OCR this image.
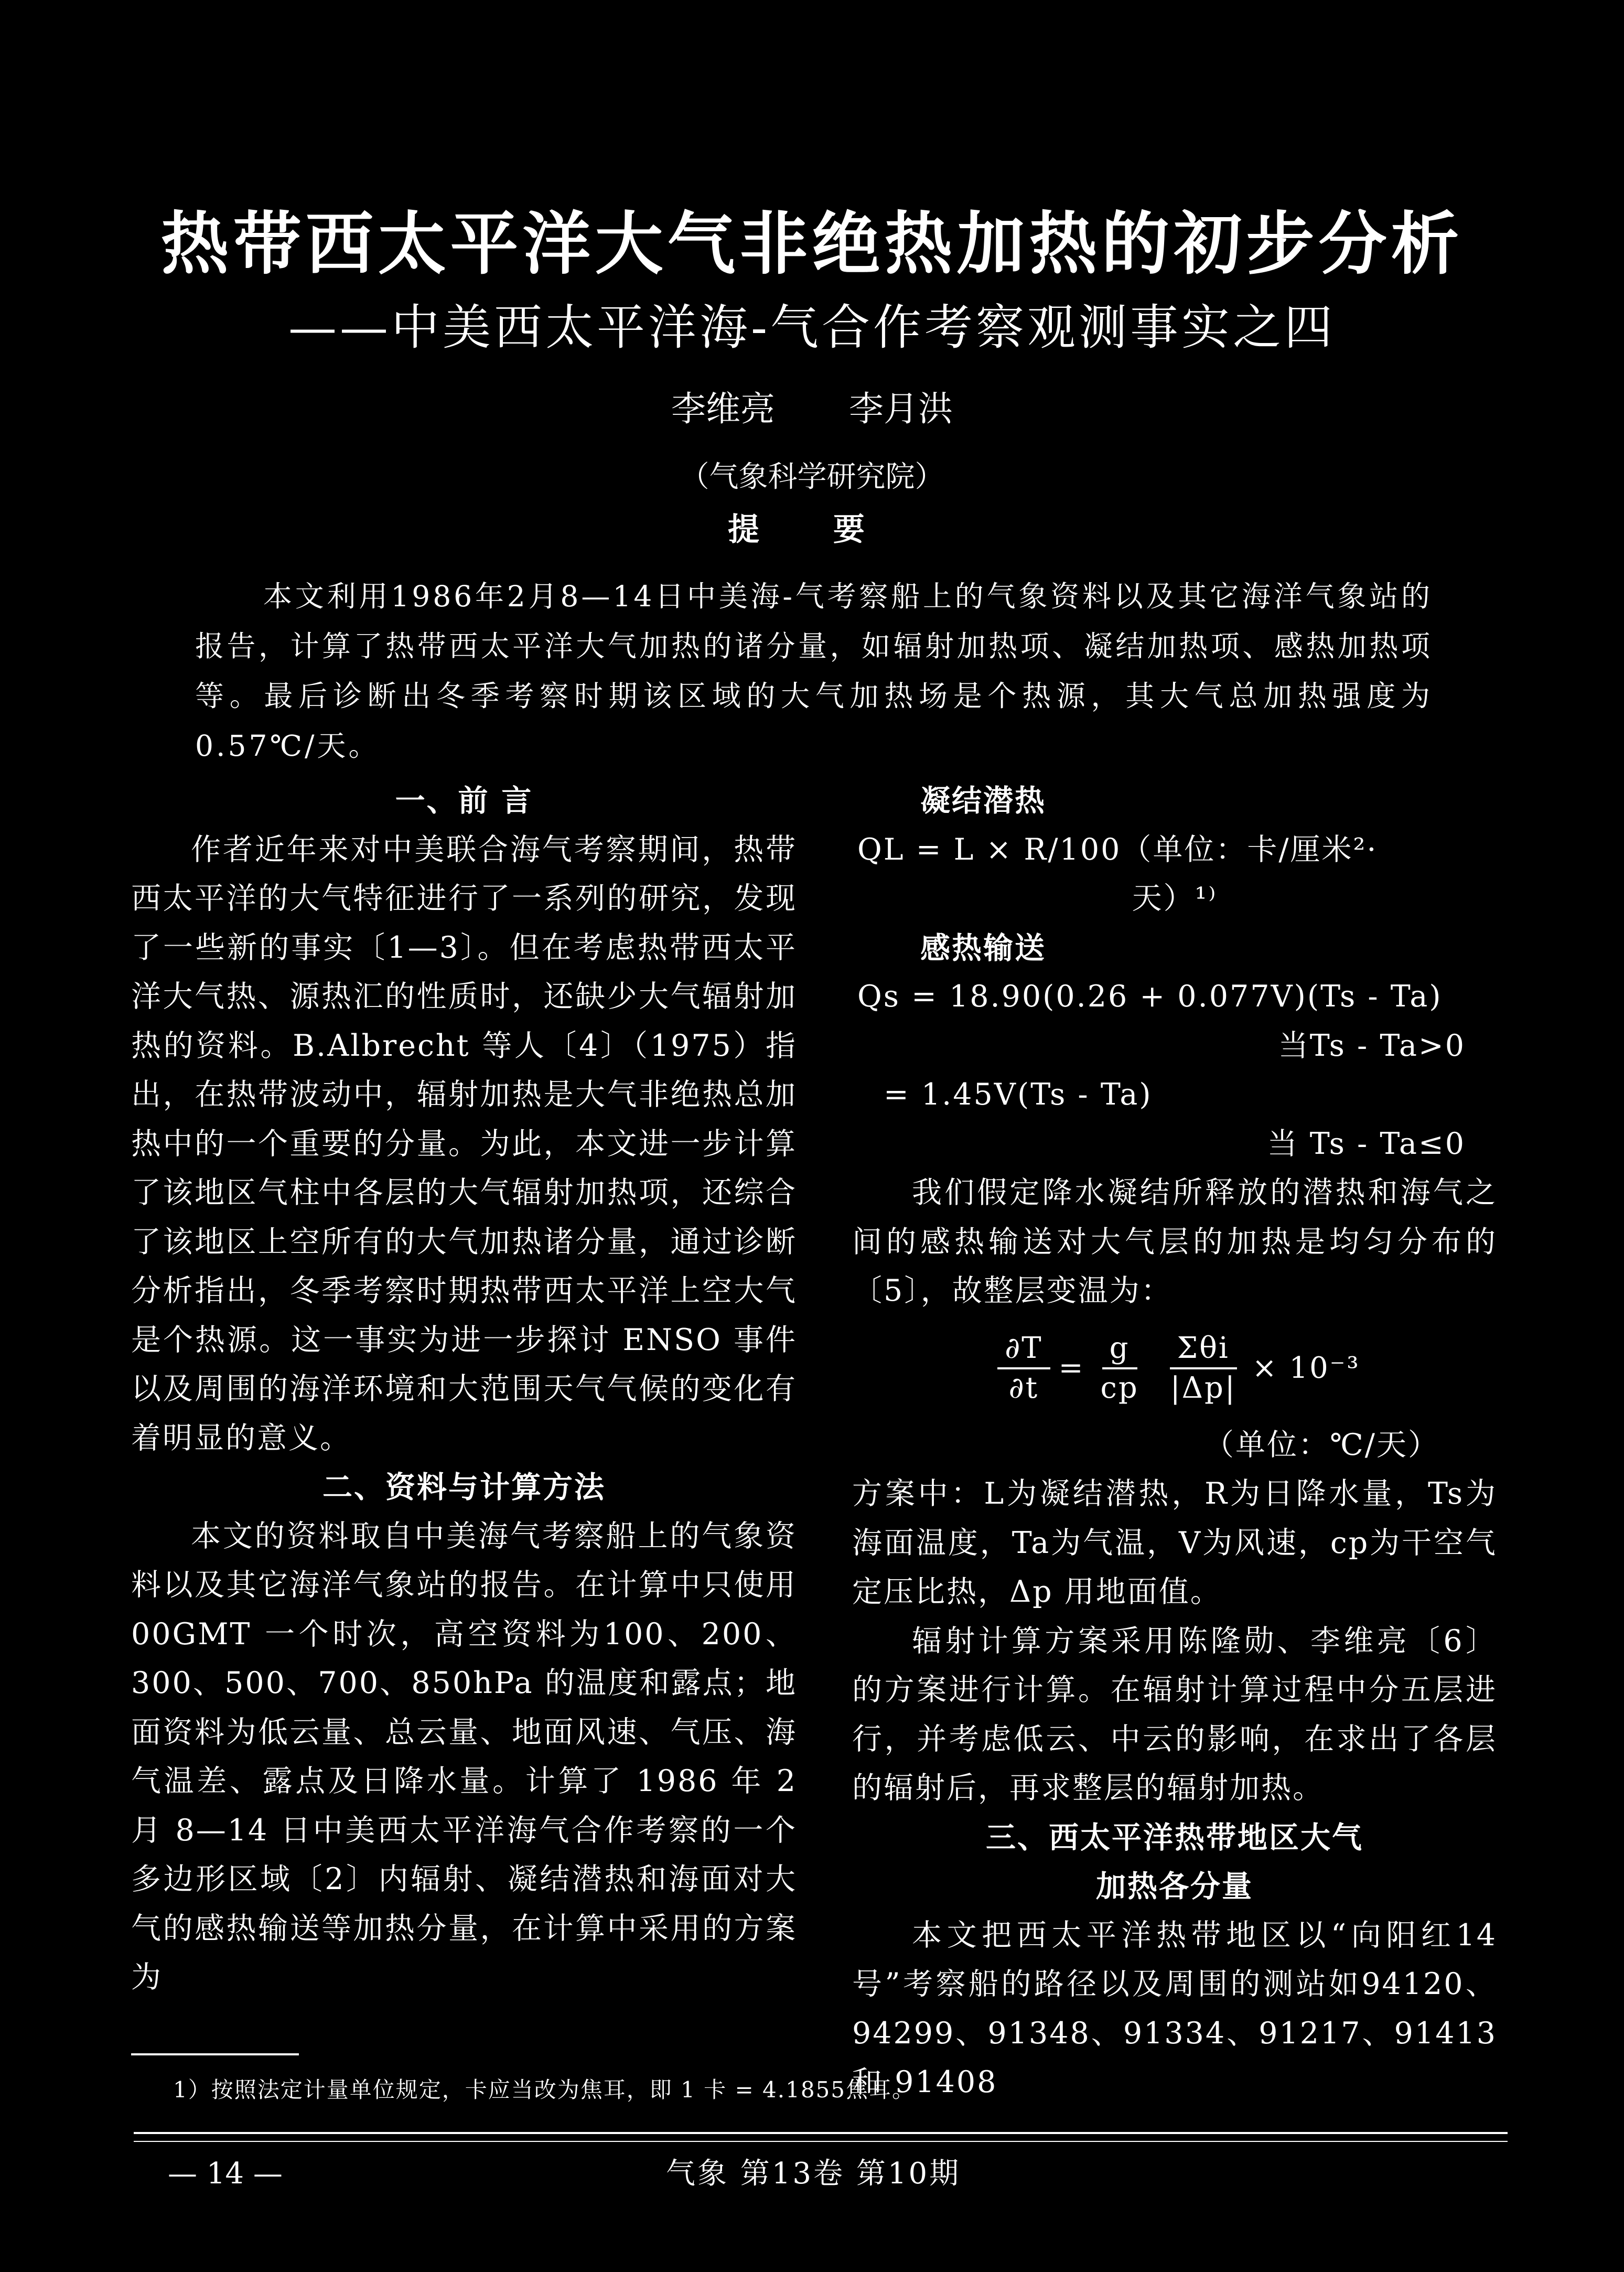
热带西太平洋大气非绝热加热的初步分析
——中美西太平洋海-气合作考察观测事实之四
李维亮 李月洪
（气象科学研究院）
提 要
本文利用1986年2月8—14日中美海-气考察船上的气象资料以及其它海洋气象站的报告，计算了热带西太平洋大气加热的诸分量，如辐射加热项、凝结加热项、感热加热项等。最后诊断出冬季考察时期该区域的大气加热场是个热源，其大气总加热强度为0.57℃/天。

一、前 言

作者近年来对中美联合海气考察期间，热带西太平洋的大气特征进行了一系列的研究，发现了一些新的事实〔1—3〕。但在考虑热带西太平洋大气热、源热汇的性质时，还缺少大气辐射加热的资料。B.Albrecht 等人〔4〕（1975）指出，在热带波动中，辐射加热是大气非绝热总加热中的一个重要的分量。为此，本文进一步计算了该地区气柱中各层的大气辐射加热项，还综合了该地区上空所有的大气加热诸分量，通过诊断分析指出，冬季考察时期热带西太平洋上空大气是个热源。这一事实为进一步探讨 ENSO 事件以及周围的海洋环境和大范围天气气候的变化有着明显的意义。

二、资料与计算方法

本文的资料取自中美海气考察船上的气象资料以及其它海洋气象站的报告。在计算中只使用 00GMT 一个时次，高空资料为100、200、300、500、700、850hPa 的温度和露点；地面资料为低云量、总云量、地面风速、气压、海气温差、露点及日降水量。计算了 1986 年 2 月 8—14 日中美西太平洋海气合作考察的一个多边形区域〔2〕内辐射、凝结潜热和海面对大气的感热输送等加热分量，在计算中采用的方案为

凝结潜热

QL = L × R/100（单位：卡/厘米²·

天）¹⁾

感热输送

Qs = 18.90(0.26 + 0.077V)(Ts - Ta)

当Ts - Ta>0

= 1.45V(Ts - Ta)

当 Ts - Ta≤0

我们假定降水凝结所释放的潜热和海气之间的感热输送对大气层的加热是均匀分布的〔5〕，故整层变温为：

$\frac{\partial T}{\partial t} = \frac{g}{cp} \frac{\text{Σθi}}{|\Delta p|} \times 10^{-3}$

（单位：℃/天）

方案中：L为凝结潜热，R为日降水量，Ts为海面温度，Ta为气温，V为风速，cp为干空气定压比热，Δp 用地面值。

辐射计算方案采用陈隆勋、李维亮〔6〕的方案进行计算。在辐射计算过程中分五层进行，并考虑低云、中云的影响，在求出了各层的辐射后，再求整层的辐射加热。

三、西太平洋热带地区大气

加热各分量

本文把西太平洋热带地区以“向阳红14号”考察船的路径以及周围的测站如94120、94299、91348、91334、91217、91413和 91408

1）按照法定计量单位规定，卡应当改为焦耳，即 1 卡 = 4.1855焦耳。
— 14 —	气象 第13卷 第10期
